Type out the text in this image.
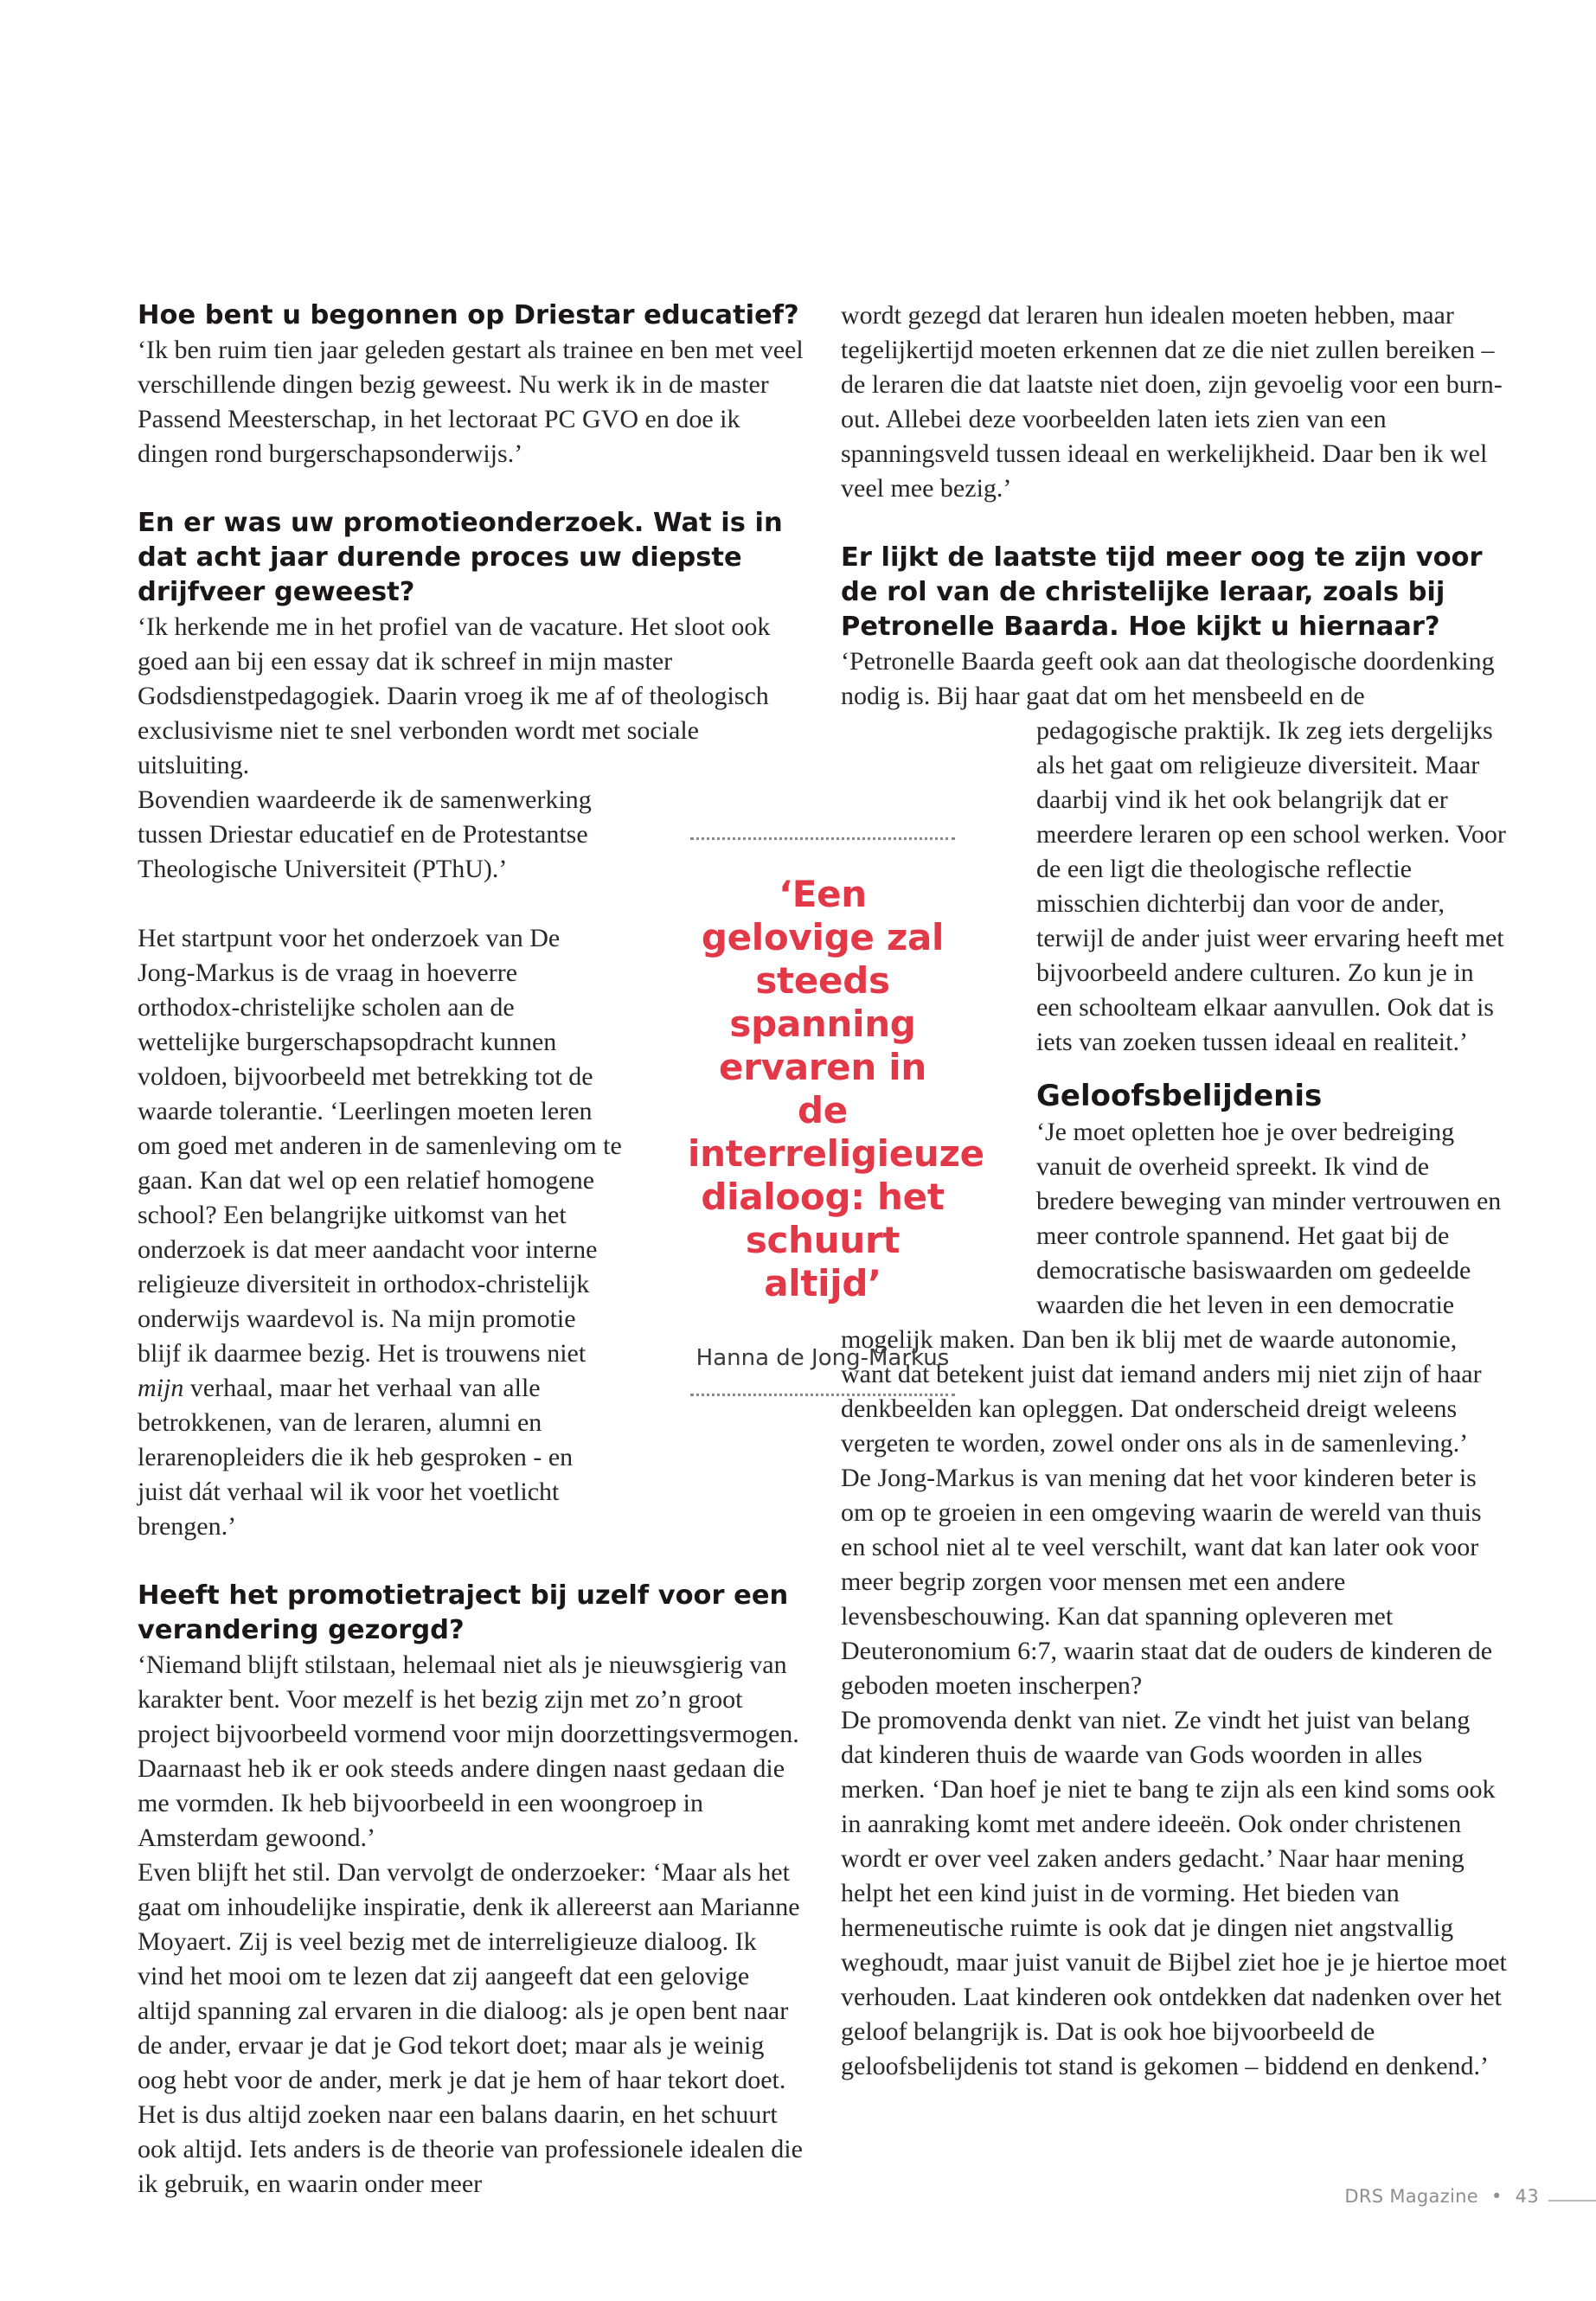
Hoe bent u begonnen op Driestar educatief?

‘Ik ben ruim tien jaar geleden gestart als trainee en ben met veel verschillende dingen bezig geweest. Nu werk ik in de master Passend Meesterschap, in het lectoraat PC GVO en doe ik dingen rond burgerschapsonderwijs.’

En er was uw promotieonderzoek. Wat is in dat acht jaar durende proces uw diepste drijfveer geweest?

‘Ik herkende me in het profiel van de vacature. Het sloot ook goed aan bij een essay dat ik schreef in mijn master Godsdienstpedagogiek. Daarin vroeg ik me af of theologisch exclusivisme niet te snel verbonden wordt met sociale uitsluiting.

Bovendien waardeerde ik de samenwerking tussen Driestar educatief en de Protestantse Theologische Universiteit (PThU).’

Het startpunt voor het onderzoek van De Jong-Markus is de vraag in hoeverre orthodox-christelijke scholen aan de wettelijke burgerschapsopdracht kunnen voldoen, bijvoorbeeld met betrekking tot de waarde tolerantie. ‘Leerlingen moeten leren om goed met anderen in de samenleving om te gaan. Kan dat wel op een relatief homogene school? Een belangrijke uitkomst van het onderzoek is dat meer aandacht voor interne religieuze diversiteit in orthodox-christelijk onderwijs waardevol is. Na mijn promotie blijf ik daarmee bezig. Het is trouwens niet mijn verhaal, maar het verhaal van alle betrokkenen, van de leraren, alumni en lerarenopleiders die ik heb gesproken - en juist dát verhaal wil ik voor het voetlicht brengen.’

Heeft het promotietraject bij uzelf voor een verandering gezorgd?

‘Niemand blijft stilstaan, helemaal niet als je nieuwsgierig van karakter bent. Voor mezelf is het bezig zijn met zo’n groot project bijvoorbeeld vormend voor mijn doorzettingsvermogen. Daarnaast heb ik er ook steeds andere dingen naast gedaan die me vormden. Ik heb bijvoorbeeld in een woongroep in Amsterdam gewoond.’

Even blijft het stil. Dan vervolgt de onderzoeker: ‘Maar als het gaat om inhoudelijke inspiratie, denk ik allereerst aan Marianne Moyaert. Zij is veel bezig met de interreligieuze dialoog. Ik vind het mooi om te lezen dat zij aangeeft dat een gelovige altijd spanning zal ervaren in die dialoog: als je open bent naar de ander, ervaar je dat je God tekort doet; maar als je weinig oog hebt voor de ander, merk je dat je hem of haar tekort doet. Het is dus altijd zoeken naar een balans daarin, en het schuurt ook altijd. Iets anders is de theorie van professionele idealen die ik gebruik, en waarin onder meer

wordt gezegd dat leraren hun idealen moeten hebben, maar tegelijkertijd moeten erkennen dat ze die niet zullen bereiken – de leraren die dat laatste niet doen, zijn gevoelig voor een burn-out. Allebei deze voorbeelden laten iets zien van een spanningsveld tussen ideaal en werkelijkheid. Daar ben ik wel veel mee bezig.’

Er lijkt de laatste tijd meer oog te zijn voor de rol van de christelijke leraar, zoals bij Petronelle Baarda. Hoe kijkt u hiernaar?

‘Petronelle Baarda geeft ook aan dat theologische doordenking nodig is. Bij haar gaat dat om het mensbeeld en de

pedagogische praktijk. Ik zeg iets dergelijks als het gaat om religieuze diversiteit. Maar daarbij vind ik het ook belangrijk dat er meerdere leraren op een school werken. Voor de een ligt die theologische reflectie misschien dichterbij dan voor de ander, terwijl de ander juist weer ervaring heeft met bijvoorbeeld andere culturen. Zo kun je in een schoolteam elkaar aanvullen. Ook dat is iets van zoeken tussen ideaal en realiteit.’

Geloofsbelijdenis

‘Je moet opletten hoe je over bedreiging vanuit de overheid spreekt. Ik vind de bredere beweging van minder vertrouwen en meer controle spannend. Het gaat bij de democratische basiswaarden om gedeelde waarden die het leven in een democratie

mogelijk maken. Dan ben ik blij met de waarde autonomie, want dat betekent juist dat iemand anders mij niet zijn of haar denkbeelden kan opleggen. Dat onderscheid dreigt weleens vergeten te worden, zowel onder ons als in de samenleving.’

De Jong-Markus is van mening dat het voor kinderen beter is om op te groeien in een omgeving waarin de wereld van thuis en school niet al te veel verschilt, want dat kan later ook voor meer begrip zorgen voor mensen met een andere levensbeschouwing. Kan dat spanning opleveren met Deuteronomium 6:7, waarin staat dat de ouders de kinderen de geboden moeten inscherpen?

De promovenda denkt van niet. Ze vindt het juist van belang dat kinderen thuis de waarde van Gods woorden in alles merken. ‘Dan hoef je niet te bang te zijn als een kind soms ook in aanraking komt met andere ideeën. Ook onder christenen wordt er over veel zaken anders gedacht.’ Naar haar mening helpt het een kind juist in de vorming. Het bieden van hermeneutische ruimte is ook dat je dingen niet angstvallig weghoudt, maar juist vanuit de Bijbel ziet hoe je je hiertoe moet verhouden. Laat kinderen ook ontdekken dat nadenken over het geloof belangrijk is. Dat is ook hoe bijvoorbeeld de geloofsbelijdenis tot stand is gekomen – biddend en denkend.’

‘Een gelovige zal steeds spanning ervaren in de interreligieuze dialoog: het schuurt altijd’

Hanna de Jong-Markus

DRS Magazine • 43
